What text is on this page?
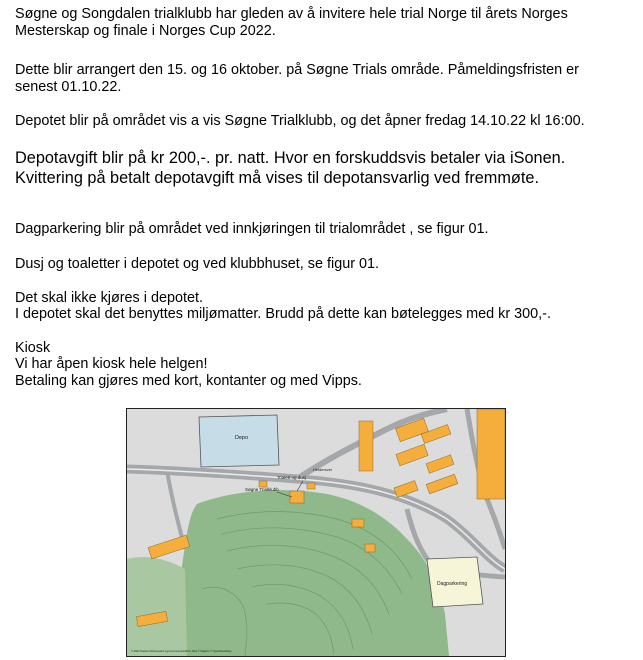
Søgne og Songdalen trialklubb har gleden av å invitere hele trial Norge til årets Norges
Mesterskap og finale i Norges Cup 2022.
Dette blir arrangert den 15. og 16 oktober. på Søgne Trials område. Påmeldingsfristen er
senest 01.10.22.
Depotet blir på området vis a vis Søgne Trialklubb, og det åpner fredag 14.10.22 kl 16:00.
Depotavgift blir på kr 200,-. pr. natt. Hvor en forskuddsvis betaler via iSonen.
Kvittering på betalt depotavgift må vises til depotansvarlig ved fremmøte.
Dagparkering blir på området ved innkjøringen til trialområdet , se figur 01.
Dusj og toaletter i depotet og ved klubbhuset, se figur 01.
Det skal ikke kjøres i depotet.
I depotet skal det benyttes miljømatter. Brudd på dette kan bøtelegges med kr 300,-.
Kiosk
Vi har åpen kiosk hele helgen!
Betaling kan gjøres med kort, kontanter og med Vipps.
Depo
Dagparkering
Toalett og dusj
Søgne Trialklubb
Heldersvei
© 2022 Norkart AS/Geovekst og kommunene/NASA, Meti © Mapbox © OpenStreetMap
